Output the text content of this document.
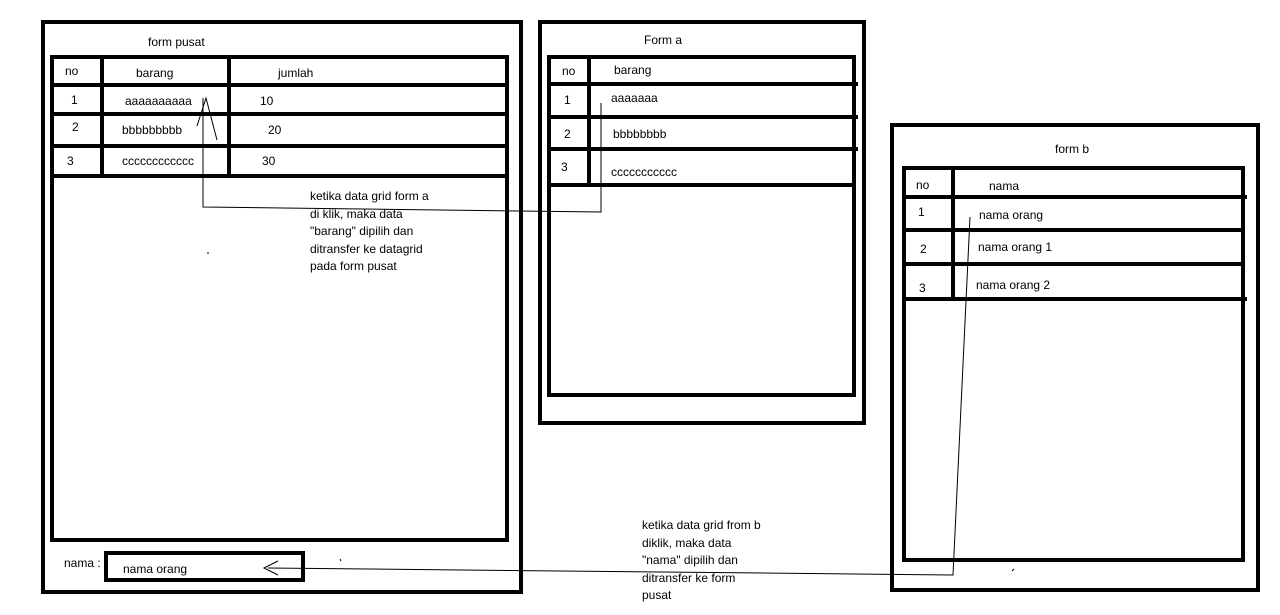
form pusat
no	barang	jumlah
1	aaaaaaaaaa	10
2	bbbbbbbbb	20
3	cccccccccccc	30
nama : nama orang
Form a
no	barang
1	aaaaaaa
2	bbbbbbbb
3	ccccccccccc
form b
no	nama
1	nama orang
2	nama orang 1
3	nama orang 2
ketika data grid form a
di klik, maka data
"barang" dipilih dan
ditransfer ke datagrid
pada form pusat
ketika data grid from b
diklik, maka data
"nama" dipilih dan
ditransfer ke form
pusat
